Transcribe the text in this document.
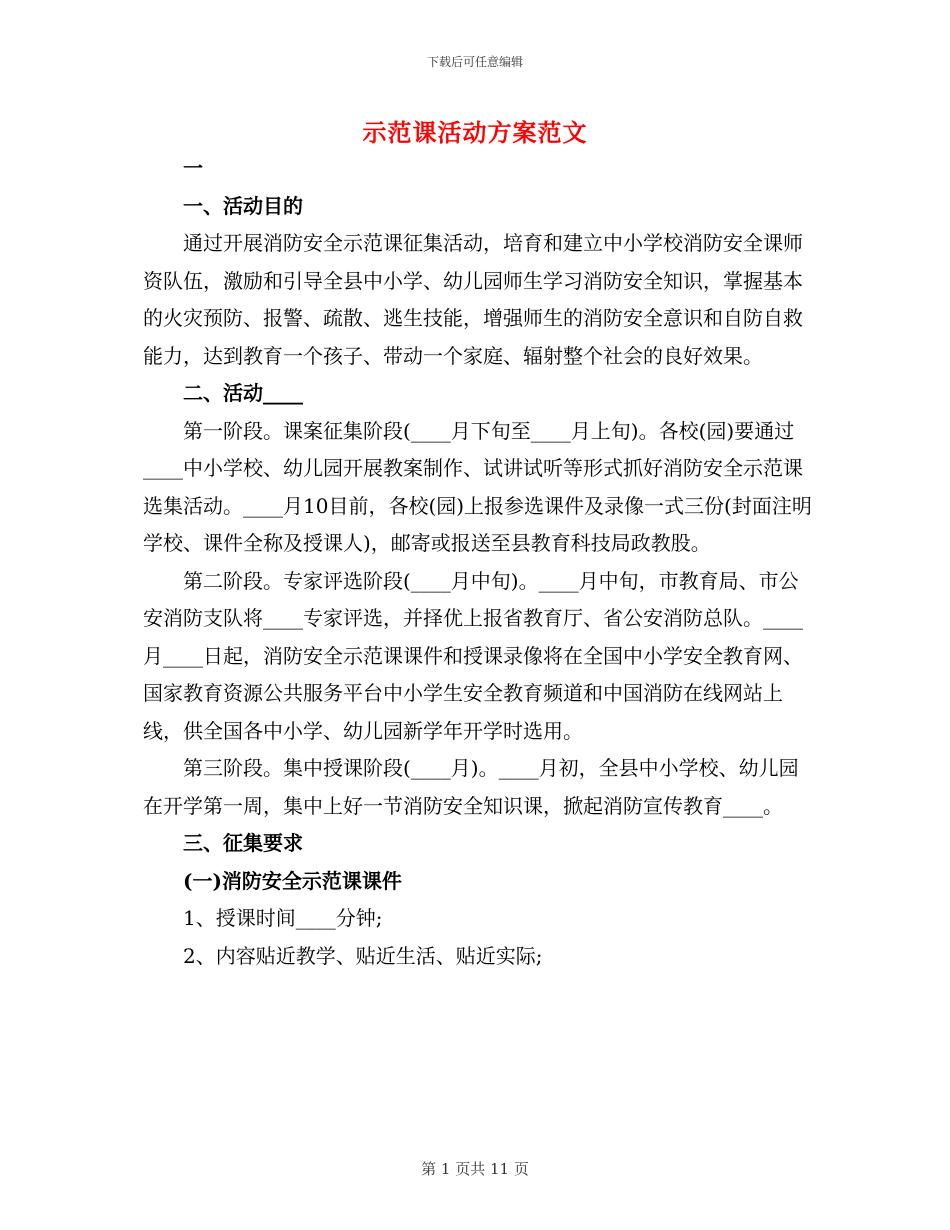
下载后可任意编辑
示范课活动方案范文

一

一、活动目的

通过开展消防安全示范课征集活动，培育和建立中小学校消防安全课师资队伍，激励和引导全县中小学、幼儿园师生学习消防安全知识，掌握基本的火灾预防、报警、疏散、逃生技能，增强师生的消防安全意识和自防自救能力，达到教育一个孩子、带动一个家庭、辐射整个社会的良好效果。

二、活动____

第一阶段。课案征集阶段(____月下旬至____月上旬)。各校(园)要通过____中小学校、幼儿园开展教案制作、试讲试听等形式抓好消防安全示范课选集活动。____月10目前，各校(园)上报参选课件及录像一式三份(封面注明学校、课件全称及授课人)，邮寄或报送至县教育科技局政教股。

第二阶段。专家评选阶段(____月中旬)。____月中旬，市教育局、市公安消防支队将____专家评选，并择优上报省教育厅、省公安消防总队。____月____日起，消防安全示范课课件和授课录像将在全国中小学安全教育网、国家教育资源公共服务平台中小学生安全教育频道和中国消防在线网站上线，供全国各中小学、幼儿园新学年开学时选用。

第三阶段。集中授课阶段(____月)。____月初，全县中小学校、幼儿园在开学第一周，集中上好一节消防安全知识课，掀起消防宣传教育____。

三、征集要求

(一)消防安全示范课课件

1、授课时间____分钟;

2、内容贴近教学、贴近生活、贴近实际;

第 1 页共 11 页
